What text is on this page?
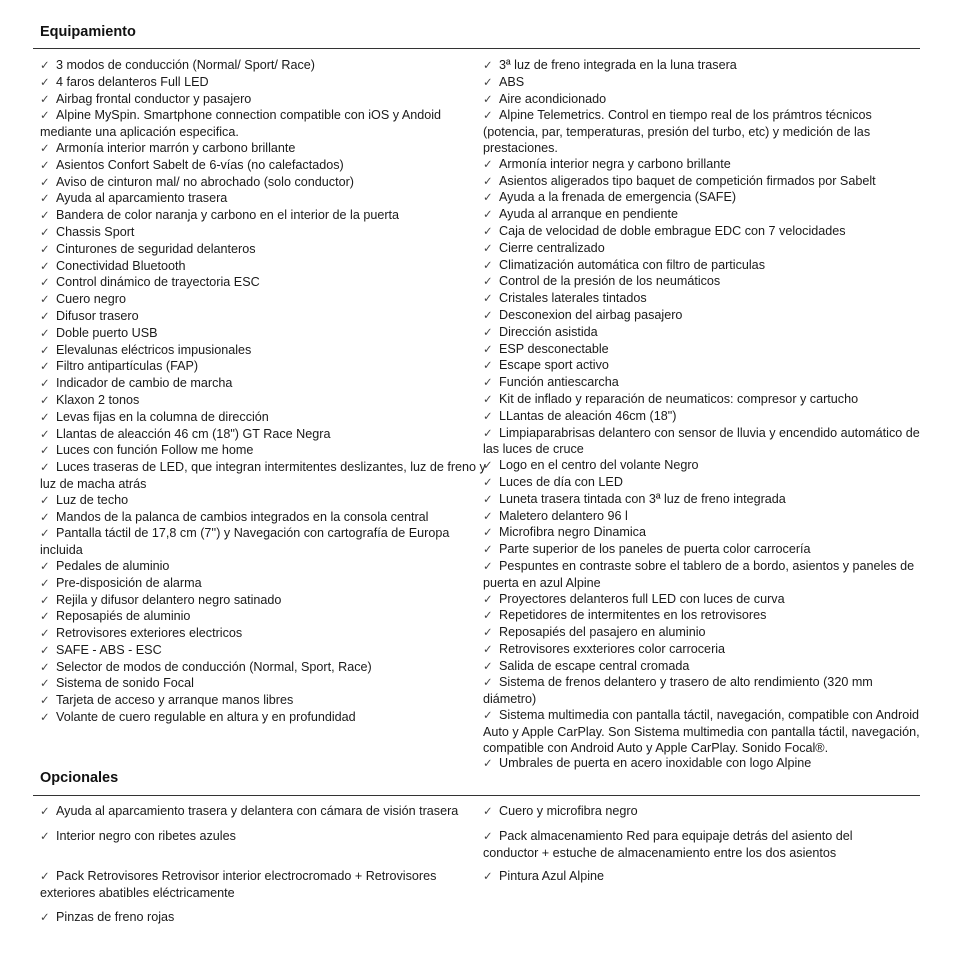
Equipamiento
✓ 3 modos de conducción (Normal/ Sport/ Race)
✓ 4 faros delanteros Full LED
✓ Airbag frontal conductor y pasajero
✓ Alpine MySpin. Smartphone connection compatible con iOS y Andoid mediante una aplicación especifica.
✓ Armonía interior marrón y carbono brillante
✓ Asientos Confort Sabelt de 6-vías (no calefactados)
✓ Aviso de cinturon mal/ no abrochado (solo conductor)
✓ Ayuda al aparcamiento trasera
✓ Bandera de color naranja y carbono en el interior de la puerta
✓ Chassis Sport
✓ Cinturones de seguridad delanteros
✓ Conectividad Bluetooth
✓ Control dinámico de trayectoria ESC
✓ Cuero negro
✓ Difusor trasero
✓ Doble puerto USB
✓ Elevalunas eléctricos impusionales
✓ Filtro antipartículas (FAP)
✓ Indicador de cambio de marcha
✓ Klaxon 2 tonos
✓ Levas fijas en la columna de dirección
✓ Llantas de aleacción 46 cm (18") GT Race Negra
✓ Luces con función Follow me home
✓ Luces traseras de LED, que integran intermitentes deslizantes, luz de freno y luz de macha atrás
✓ Luz de techo
✓ Mandos de la palanca de cambios integrados en la consola central
✓ Pantalla táctil de 17,8 cm (7'') y Navegación con cartografía de Europa incluida
✓ Pedales de aluminio
✓ Pre-disposición de alarma
✓ Rejila y difusor delantero negro satinado
✓ Reposapiés de aluminio
✓ Retrovisores exteriores electricos
✓ SAFE - ABS - ESC
✓ Selector de modos de conducción (Normal, Sport, Race)
✓ Sistema de sonido Focal
✓ Tarjeta de acceso y arranque manos libres
✓ Volante de cuero regulable en altura y en profundidad
✓ 3ª luz de freno integrada en la luna trasera
✓ ABS
✓ Aire acondicionado
✓ Alpine Telemetrics. Control en tiempo real de los prámtros técnicos (potencia, par, temperaturas, presión del turbo, etc) y medición de las prestaciones.
✓ Armonía interior negra y carbono brillante
✓ Asientos aligerados tipo baquet de competición firmados por Sabelt
✓ Ayuda a la frenada de emergencia (SAFE)
✓ Ayuda al arranque en pendiente
✓ Caja de velocidad de doble embrague EDC con 7 velocidades
✓ Cierre centralizado
✓ Climatización automática con filtro de particulas
✓ Control de la presión de los neumáticos
✓ Cristales laterales tintados
✓ Desconexion del airbag pasajero
✓ Dirección asistida
✓ ESP desconectable
✓ Escape sport activo
✓ Función antiescarcha
✓ Kit de inflado y reparación de neumaticos: compresor y cartucho
✓ LLantas de aleación 46cm (18")
✓ Limpiaparabrisas delantero con sensor de lluvia y encendido automático de las luces de cruce
✓ Logo en el centro del volante Negro
✓ Luces de día con LED
✓ Luneta trasera tintada con 3ª luz de freno integrada
✓ Maletero delantero 96 l
✓ Microfibra negro Dinamica
✓ Parte superior de los paneles de puerta color carrocería
✓ Pespuntes en contraste sobre el tablero de a bordo, asientos y paneles de puerta en azul Alpine
✓ Proyectores delanteros full LED con luces de curva
✓ Repetidores de intermitentes en los retrovisores
✓ Reposapiés del pasajero en aluminio
✓ Retrovisores exxteriores color carroceria
✓ Salida de escape central cromada
✓ Sistema de frenos delantero y trasero de alto rendimiento (320 mm diámetro)
✓ Sistema multimedia con pantalla táctil, navegación, compatible con Android Auto y Apple CarPlay. Son Sistema multimedia con pantalla táctil, navegación, compatible con Android Auto y Apple CarPlay. Sonido Focal®.
✓ Umbrales de puerta en acero inoxidable con logo Alpine
Opcionales
✓ Ayuda al aparcamiento trasera y delantera con cámara de visión trasera	✓ Cuero y microfibra negro
✓ Interior negro con ribetes azules	✓ Pack almacenamiento Red para equipaje detrás del asiento del conductor + estuche de almacenamiento entre los dos asientos
✓ Pack Retrovisores Retrovisor interior electrocromado + Retrovisores exteriores abatibles eléctricamente
✓ Pintura Azul Alpine
✓ Pinzas de freno rojas
